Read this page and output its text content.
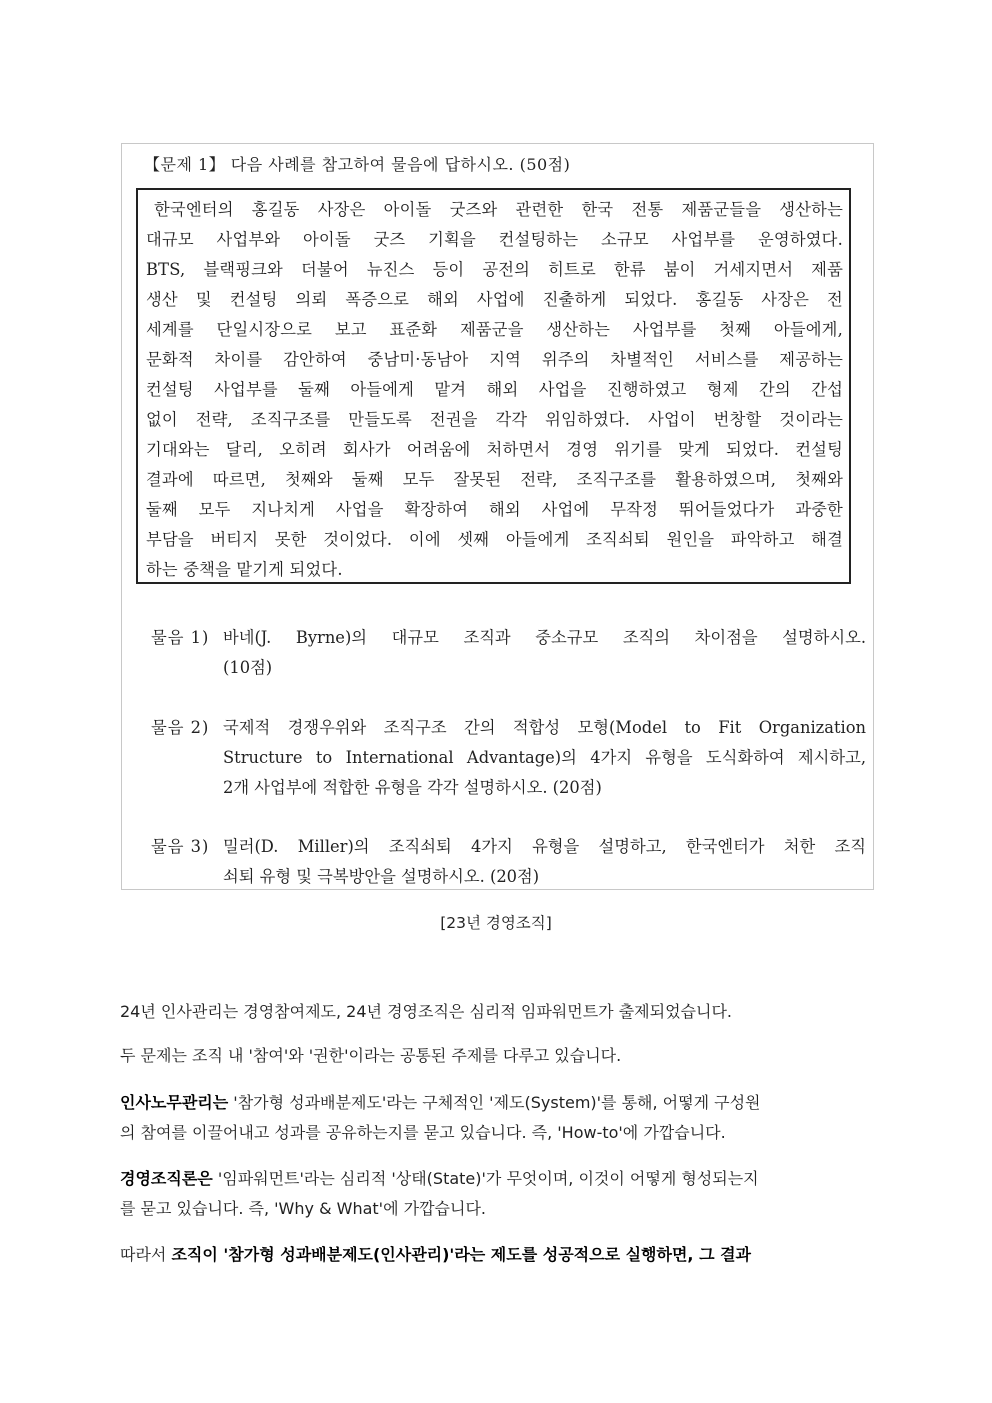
【문제 1】 다음 사례를 참고하여 물음에 답하시오. (50점)
한국엔터의 홍길동 사장은 아이돌 굿즈와 관련한 한국 전통 제품군들을 생산하는
대규모 사업부와 아이돌 굿즈 기획을 컨설팅하는 소규모 사업부를 운영하였다.
BTS, 블랙핑크와 더불어 뉴진스 등이 공전의 히트로 한류 붐이 거세지면서 제품
생산 및 컨설팅 의뢰 폭증으로 해외 사업에 진출하게 되었다. 홍길동 사장은 전
세계를 단일시장으로 보고 표준화 제품군을 생산하는 사업부를 첫째 아들에게,
문화적 차이를 감안하여 중남미·동남아 지역 위주의 차별적인 서비스를 제공하는
컨설팅 사업부를 둘째 아들에게 맡겨 해외 사업을 진행하였고 형제 간의 간섭
없이 전략, 조직구조를 만들도록 전권을 각각 위임하였다. 사업이 번창할 것이라는
기대와는 달리, 오히려 회사가 어려움에 처하면서 경영 위기를 맞게 되었다. 컨설팅
결과에 따르면, 첫째와 둘째 모두 잘못된 전략, 조직구조를 활용하였으며, 첫째와
둘째 모두 지나치게 사업을 확장하여 해외 사업에 무작정 뛰어들었다가 과중한
부담을 버티지 못한 것이었다. 이에 셋째 아들에게 조직쇠퇴 원인을 파악하고 해결
하는 중책을 맡기게 되었다.
물음 1) 바네(J. Byrne)의 대규모 조직과 중소규모 조직의 차이점을 설명하시오.
(10점)
물음 2) 국제적 경쟁우위와 조직구조 간의 적합성 모형(Model to Fit Organization
Structure to International Advantage)의 4가지 유형을 도식화하여 제시하고,
2개 사업부에 적합한 유형을 각각 설명하시오. (20점)
물음 3) 밀러(D. Miller)의 조직쇠퇴 4가지 유형을 설명하고, 한국엔터가 처한 조직
쇠퇴 유형 및 극복방안을 설명하시오. (20점)
[23년 경영조직]
24년 인사관리는 경영참여제도, 24년 경영조직은 심리적 임파워먼트가 출제되었습니다.
두 문제는 조직 내 '참여'와 '권한'이라는 공통된 주제를 다루고 있습니다.
인사노무관리는 '참가형 성과배분제도'라는 구체적인 '제도(System)'를 통해, 어떻게 구성원
의 참여를 이끌어내고 성과를 공유하는지를 묻고 있습니다. 즉, 'How-to'에 가깝습니다.
경영조직론은 '임파워먼트'라는 심리적 '상태(State)'가 무엇이며, 이것이 어떻게 형성되는지
를 묻고 있습니다. 즉, 'Why & What'에 가깝습니다.
따라서 조직이 '참가형 성과배분제도(인사관리)'라는 제도를 성공적으로 실행하면, 그 결과
